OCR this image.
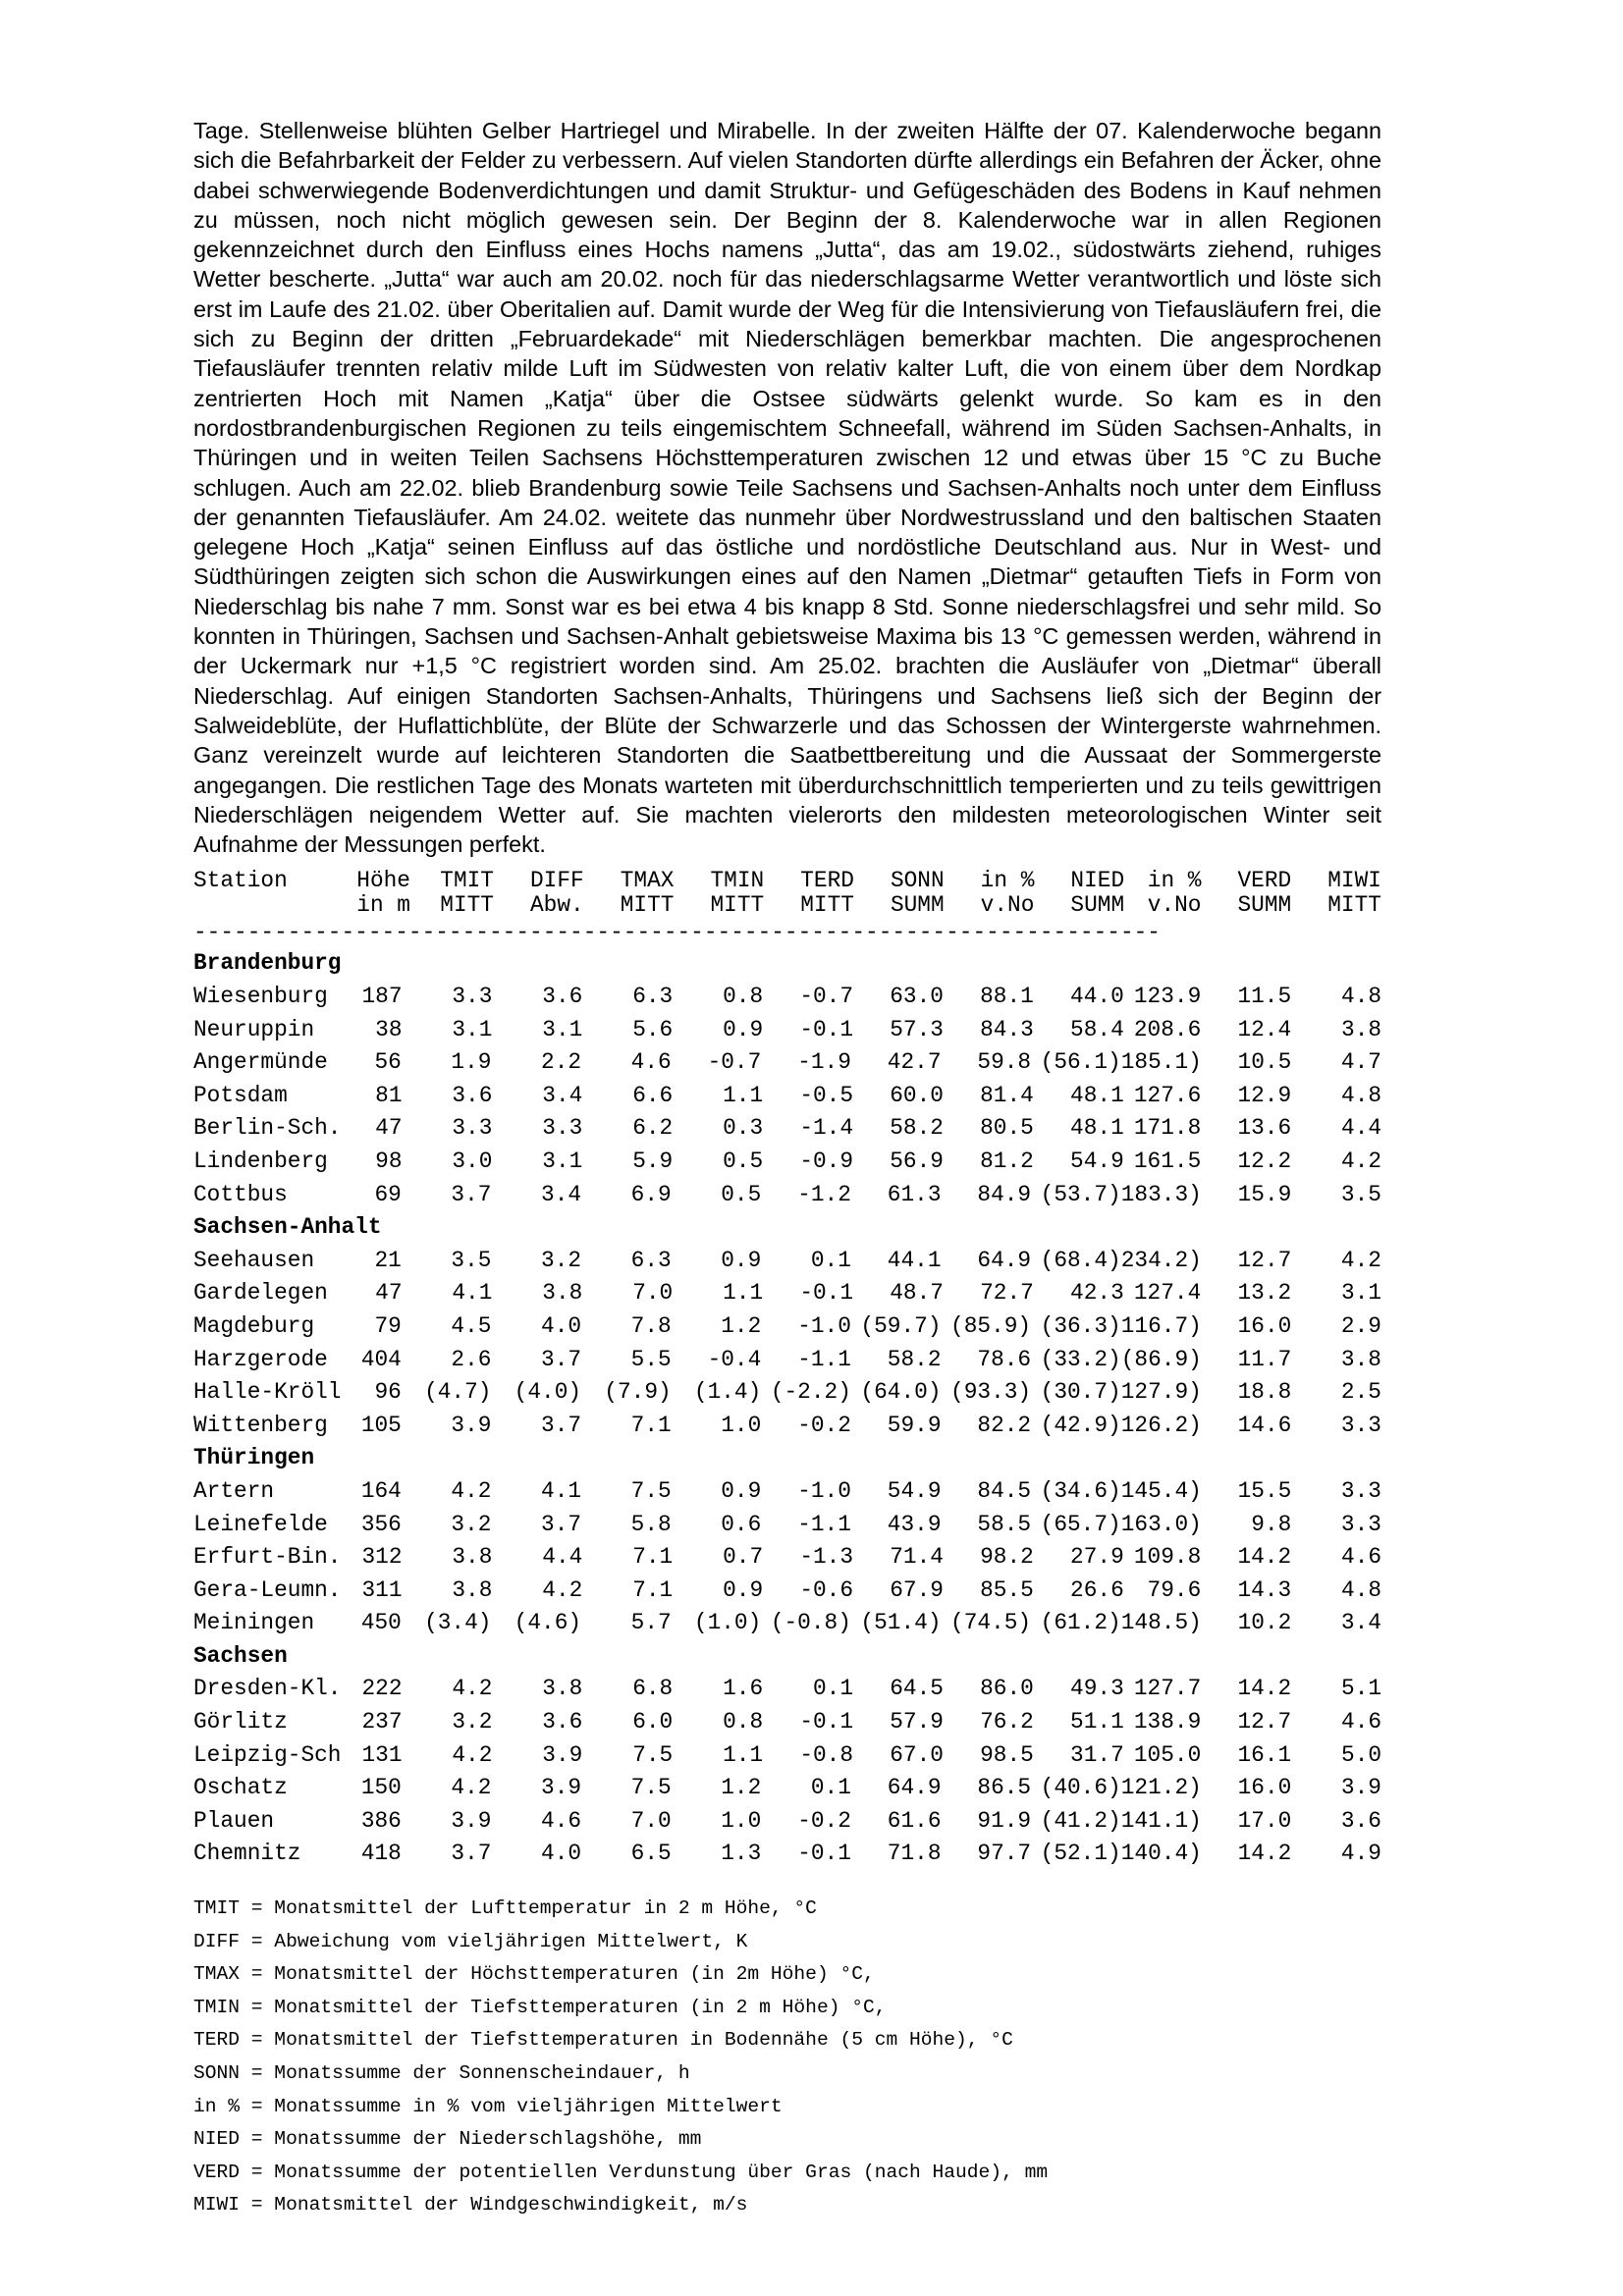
Tage. Stellenweise blühten Gelber Hartriegel und Mirabelle. In der zweiten Hälfte der 07. Kalenderwoche begann sich die Befahrbarkeit der Felder zu verbessern. Auf vielen Standorten dürfte allerdings ein Befahren der Äcker, ohne dabei schwerwiegende Bodenverdichtungen und damit Struktur- und Gefügeschäden des Bodens in Kauf nehmen zu müssen, noch nicht möglich gewesen sein. Der Beginn der 8. Kalenderwoche war in allen Regionen gekennzeichnet durch den Einfluss eines Hochs namens „Jutta“, das am 19.02., südostwärts ziehend, ruhiges Wetter bescherte. „Jutta“ war auch am 20.02. noch für das niederschlagsarme Wetter verantwortlich und löste sich erst im Laufe des 21.02. über Oberitalien auf. Damit wurde der Weg für die Intensivierung von Tiefausläufern frei, die sich zu Beginn der dritten „Februardekade“ mit Niederschlägen bemerkbar machten. Die angesprochenen Tiefausläufer trennten relativ milde Luft im Südwesten von relativ kalter Luft, die von einem über dem Nordkap zentrierten Hoch mit Namen „Katja“ über die Ostsee südwärts gelenkt wurde. So kam es in den nordostbrandenburgischen Regionen zu teils eingemischtem Schneefall, während im Süden Sachsen-Anhalts, in Thüringen und in weiten Teilen Sachsens Höchsttemperaturen zwischen 12 und etwas über 15 °C zu Buche schlugen. Auch am 22.02. blieb Brandenburg sowie Teile Sachsens und Sachsen-Anhalts noch unter dem Einfluss der genannten Tiefausläufer. Am 24.02. weitete das nunmehr über Nordwestrussland und den baltischen Staaten gelegene Hoch „Katja“ seinen Einfluss auf das östliche und nordöstliche Deutschland aus. Nur in West- und Südthüringen zeigten sich schon die Auswirkungen eines auf den Namen „Dietmar“ getauften Tiefs in Form von Niederschlag bis nahe 7 mm. Sonst war es bei etwa 4 bis knapp 8 Std. Sonne niederschlagsfrei und sehr mild. So konnten in Thüringen, Sachsen und Sachsen-Anhalt gebietsweise Maxima bis 13 °C gemessen werden, während in der Uckermark nur +1,5 °C registriert worden sind. Am 25.02. brachten die Ausläufer von „Dietmar“ überall Niederschlag. Auf einigen Standorten Sachsen-Anhalts, Thüringens und Sachsens ließ sich der Beginn der Salweideblüte, der Huflattichblüte, der Blüte der Schwarzerle und das Schossen der Wintergerste wahrnehmen. Ganz vereinzelt wurde auf leichteren Standorten die Saatbettbereitung und die Aussaat der Sommergerste angegangen. Die restlichen Tage des Monats warteten mit überdurchschnittlich temperierten und zu teils gewittrigen Niederschlägen neigendem Wetter auf. Sie machten vielerorts den mildesten meteorologischen Winter seit Aufnahme der Messungen perfekt.

Station	Höhe	TMIT	DIFF	TMAX	TMIN	TERD	SONN	in %	NIED	in %	VERD	MIWI
in m	MITT	Abw.	MITT	MITT	MITT	SUMM	v.No	SUMM	v.No	SUMM	MITT
------------------------------------------------------------------------
Brandenburg
Wiesenburg	187	3.3	3.6	6.3	0.8	-0.7	63.0	88.1	44.0 123.9	11.5	4.8
Neuruppin	38	3.1	3.1	5.6	0.9	-0.1	57.3	84.3	58.4 208.6	12.4	3.8
Angermünde	56	1.9	2.2	4.6	-0.7	-1.9	42.7	59.8 (56.1) 185.1)	10.5	4.7
Potsdam	81	3.6	3.4	6.6	1.1	-0.5	60.0	81.4	48.1 127.6	12.9	4.8
Berlin-Sch.	47	3.3	3.3	6.2	0.3	-1.4	58.2	80.5	48.1 171.8	13.6	4.4
Lindenberg	98	3.0	3.1	5.9	0.5	-0.9	56.9	81.2	54.9 161.5	12.2	4.2
Cottbus	69	3.7	3.4	6.9	0.5	-1.2	61.3	84.9 (53.7) 183.3)	15.9	3.5
Sachsen-Anhalt
Seehausen	21	3.5	3.2	6.3	0.9	0.1	44.1	64.9 (68.4) 234.2)	12.7	4.2
Gardelegen	47	4.1	3.8	7.0	1.1	-0.1	48.7	72.7	42.3 127.4	13.2	3.1
Magdeburg	79	4.5	4.0	7.8	1.2	-1.0 (59.7) (85.9) (36.3) 116.7)	16.0	2.9
Harzgerode	404	2.6	3.7	5.5	-0.4	-1.1	58.2	78.6 (33.2) (86.9)	11.7	3.8
Halle-Kröll	96	(4.7)	(4.0)	(7.9)	(1.4) (-2.2) (64.0) (93.3) (30.7) 127.9)	18.8	2.5
Wittenberg	105	3.9	3.7	7.1	1.0	-0.2	59.9	82.2 (42.9) 126.2)	14.6	3.3
Thüringen
Artern	164	4.2	4.1	7.5	0.9	-1.0	54.9	84.5 (34.6) 145.4)	15.5	3.3
Leinefelde	356	3.2	3.7	5.8	0.6	-1.1	43.9	58.5 (65.7) 163.0)	9.8	3.3
Erfurt-Bin. 312	3.8	4.4	7.1	0.7	-1.3	71.4	98.2	27.9 109.8	14.2	4.6
Gera-Leumn. 311	3.8	4.2	7.1	0.9	-0.6	67.9	85.5	26.6	79.6	14.3	4.8
Meiningen	450	(3.4)	(4.6)	5.7	(1.0) (-0.8) (51.4) (74.5) (61.2) 148.5)	10.2	3.4
Sachsen
Dresden-Kl. 222	4.2	3.8	6.8	1.6	0.1	64.5	86.0	49.3 127.7	14.2	5.1
Görlitz	237	3.2	3.6	6.0	0.8	-0.1	57.9	76.2	51.1 138.9	12.7	4.6
Leipzig-Sch 131	4.2	3.9	7.5	1.1	-0.8	67.0	98.5	31.7 105.0	16.1	5.0
Oschatz	150	4.2	3.9	7.5	1.2	0.1	64.9	86.5 (40.6) 121.2)	16.0	3.9
Plauen	386	3.9	4.6	7.0	1.0	-0.2	61.6	91.9 (41.2) 141.1)	17.0	3.6
Chemnitz	418	3.7	4.0	6.5	1.3	-0.1	71.8	97.7 (52.1) 140.4)	14.2	4.9
TMIT = Monatsmittel der Lufttemperatur in 2 m Höhe, °C
DIFF = Abweichung vom vieljährigen Mittelwert, K
TMAX = Monatsmittel der Höchsttemperaturen (in 2m Höhe) °C,
TMIN = Monatsmittel der Tiefsttemperaturen (in 2 m Höhe) °C,
TERD = Monatsmittel der Tiefsttemperaturen in Bodennähe (5 cm Höhe), °C
SONN = Monatssumme der Sonnenscheindauer, h
in % = Monatssumme in % vom vieljährigen Mittelwert
NIED = Monatssumme der Niederschlagshöhe, mm
VERD = Monatssumme der potentiellen Verdunstung über Gras (nach Haude), mm
MIWI = Monatsmittel der Windgeschwindigkeit, m/s
